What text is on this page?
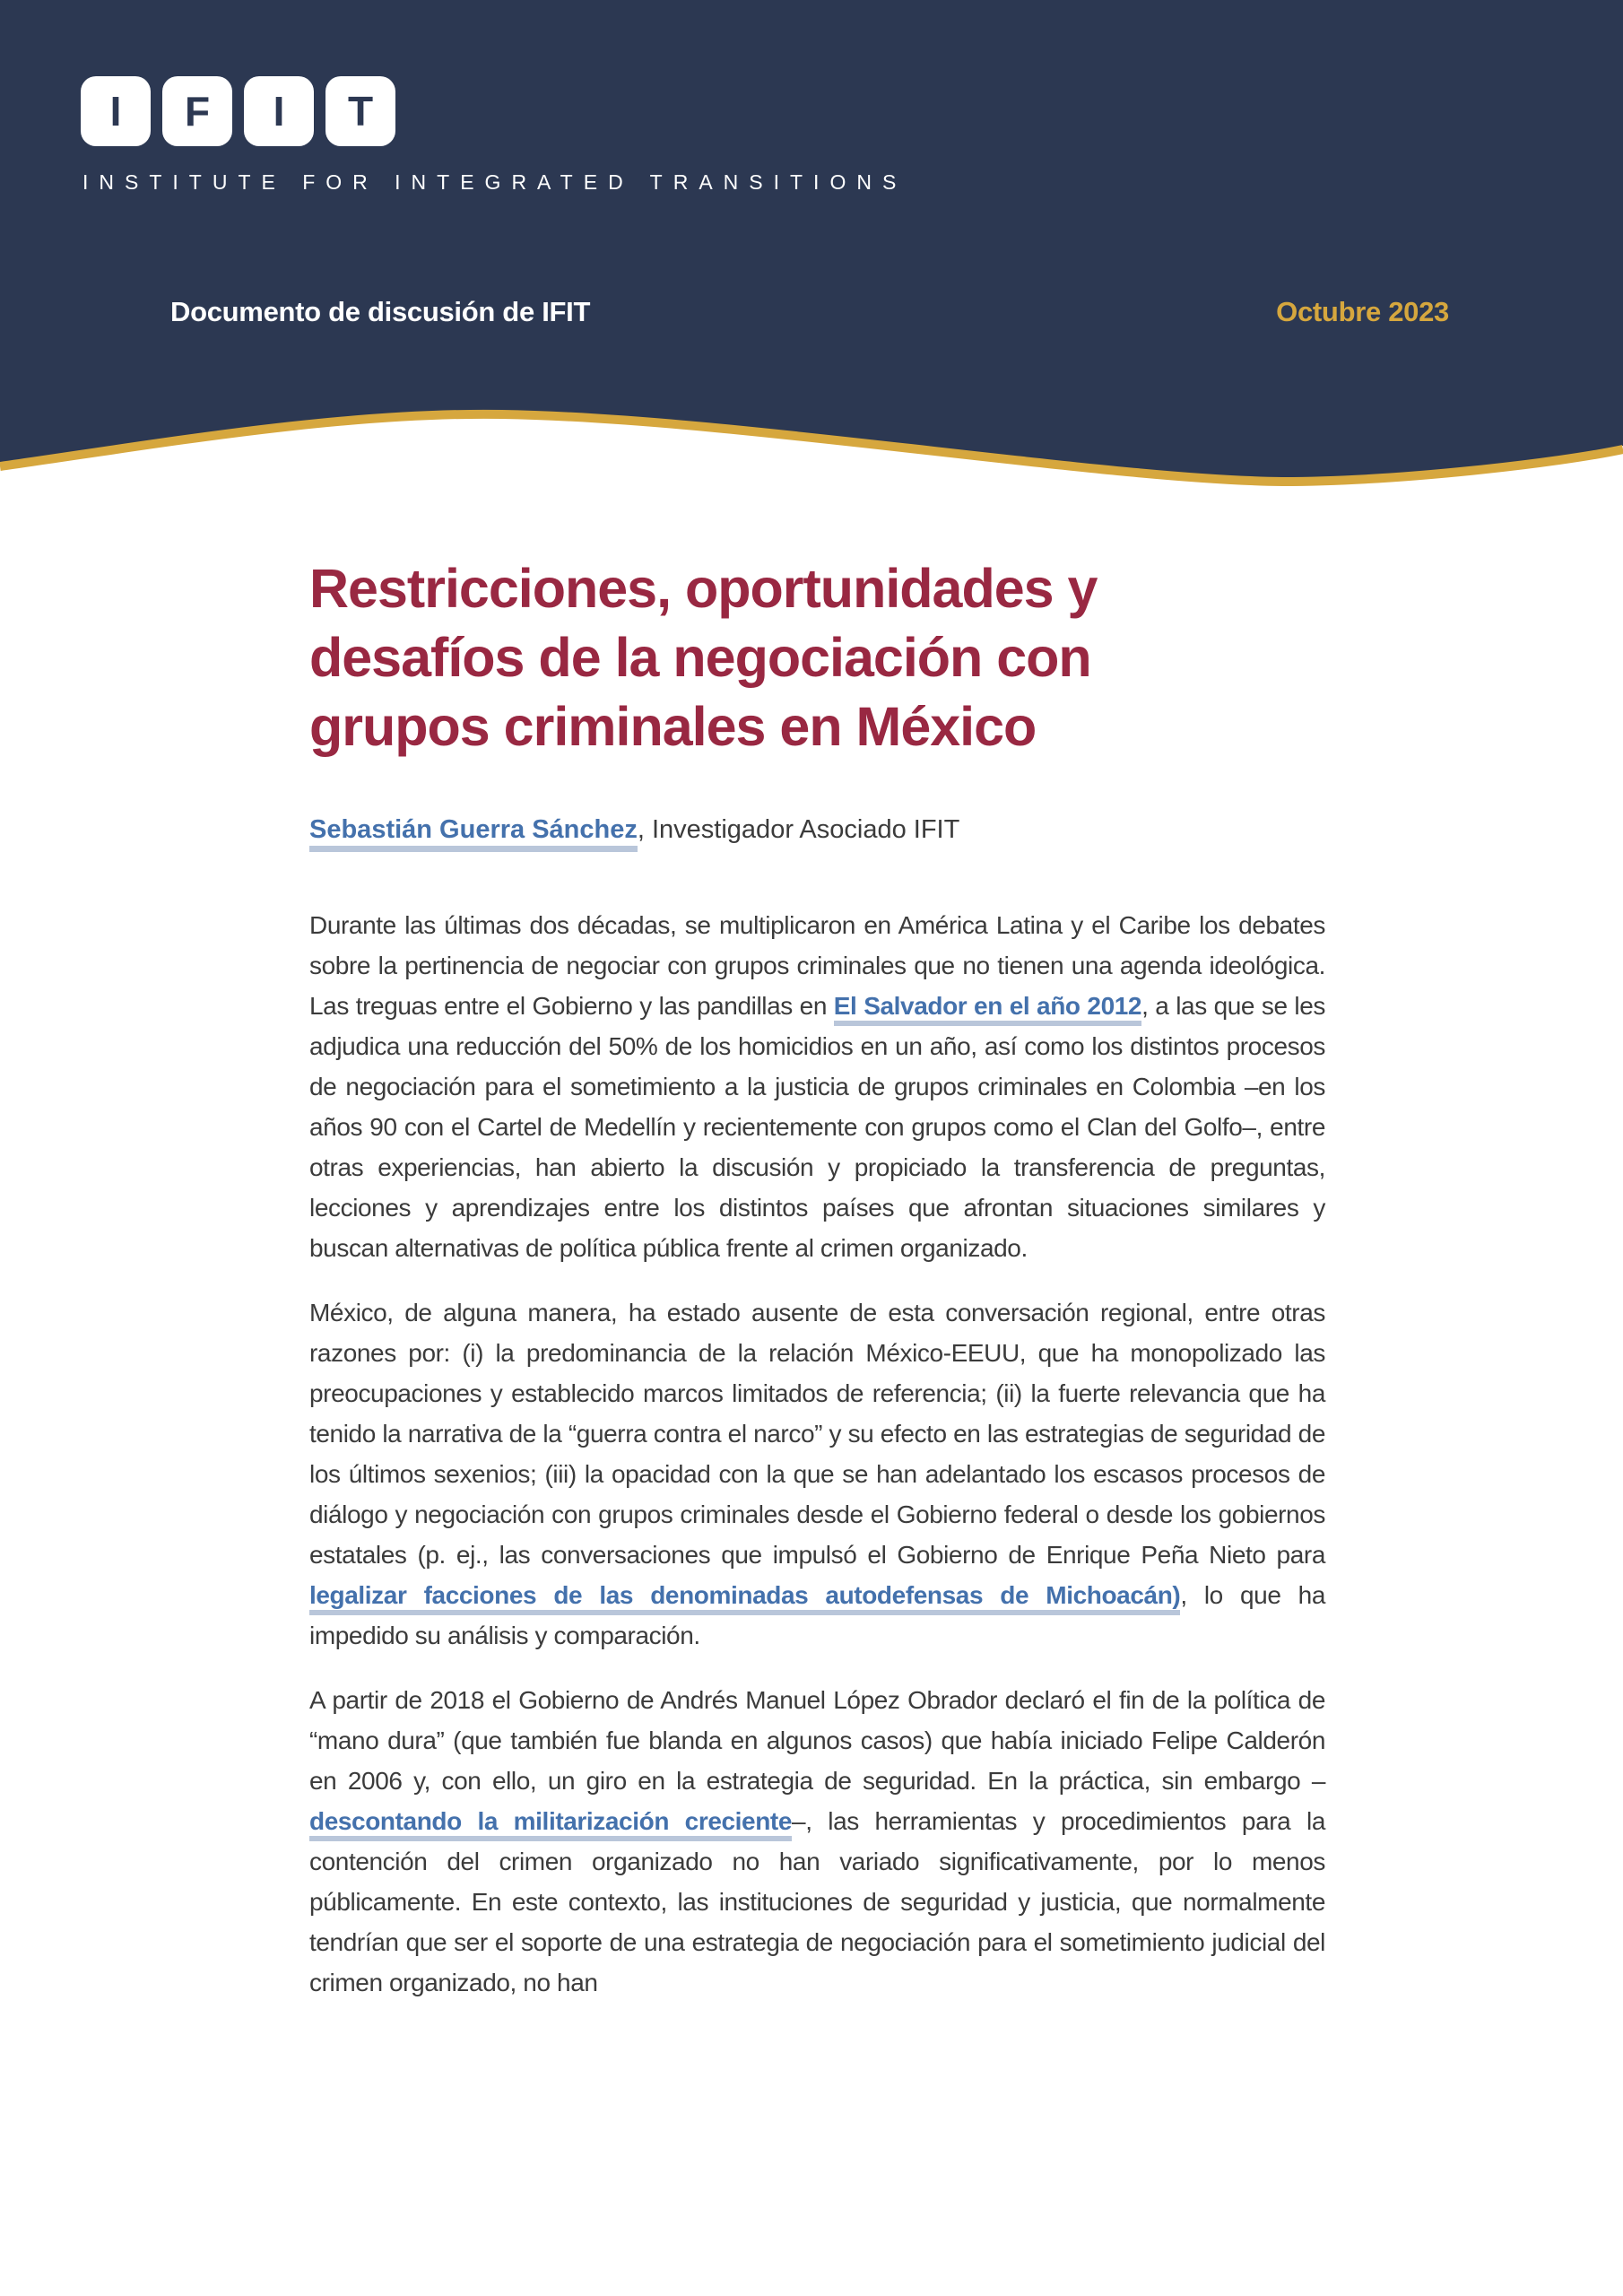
I F I T
INSTITUTE FOR INTEGRATED TRANSITIONS
Documento de discusión de IFIT	Octubre 2023
Restricciones, oportunidades y
desafíos de la negociación con
grupos criminales en México

Sebastián Guerra Sánchez, Investigador Asociado IFIT

Durante las últimas dos décadas, se multiplicaron en América Latina y el Caribe los debates sobre la pertinencia de negociar con grupos criminales que no tienen una agenda ideológica. Las treguas entre el Gobierno y las pandillas en El Salvador en el año 2012, a las que se les adjudica una reducción del 50% de los homicidios en un año, así como los distintos procesos de negociación para el sometimiento a la justicia de grupos criminales en Colombia –en los años 90 con el Cartel de Medellín y recientemente con grupos como el Clan del Golfo–, entre otras experiencias, han abierto la discusión y propiciado la transferencia de preguntas, lecciones y aprendizajes entre los distintos países que afrontan situaciones similares y buscan alternativas de política pública frente al crimen organizado.

México, de alguna manera, ha estado ausente de esta conversación regional, entre otras razones por: (i) la predominancia de la relación México-EEUU, que ha monopolizado las preocupaciones y establecido marcos limitados de referencia; (ii) la fuerte relevancia que ha tenido la narrativa de la “guerra contra el narco” y su efecto en las estrategias de seguridad de los últimos sexenios; (iii) la opacidad con la que se han adelantado los escasos procesos de diálogo y negociación con grupos criminales desde el Gobierno federal o desde los gobiernos estatales (p. ej., las conversaciones que impulsó el Gobierno de Enrique Peña Nieto para legalizar facciones de las denominadas autodefensas de Michoacán), lo que ha impedido su análisis y comparación.

A partir de 2018 el Gobierno de Andrés Manuel López Obrador declaró el fin de la política de “mano dura” (que también fue blanda en algunos casos) que había iniciado Felipe Calderón en 2006 y, con ello, un giro en la estrategia de seguridad. En la práctica, sin embargo –descontando la militarización creciente–, las herramientas y procedimientos para la contención del crimen organizado no han variado significativamente, por lo menos públicamente. En este contexto, las instituciones de seguridad y justicia, que normalmente tendrían que ser el soporte de una estrategia de negociación para el sometimiento judicial del crimen organizado, no han
